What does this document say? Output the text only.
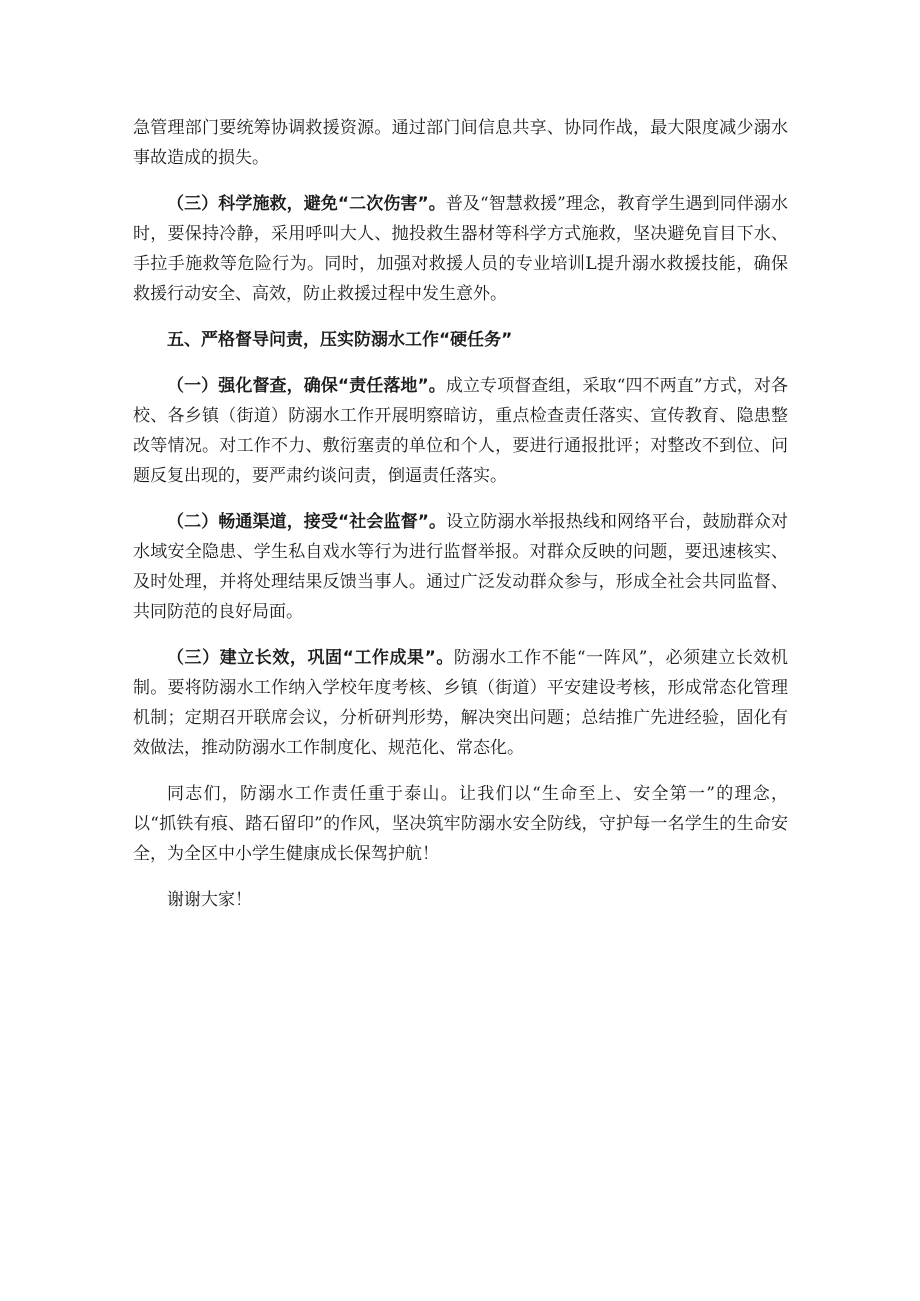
急管理部门要统筹协调救援资源。通过部门间信息共享、协同作战，最大限度减少溺水事故造成的损失。

（三）科学施救，避免“二次伤害”。普及“智慧救援”理念，教育学生遇到同伴溺水时，要保持冷静，采用呼叫大人、抛投救生器材等科学方式施救，坚决避免盲目下水、手拉手施救等危险行为。同时，加强对救援人员的专业培训L提升溺水救援技能，确保救援行动安全、高效，防止救援过程中发生意外。

五、严格督导问责，压实防溺水工作“硬任务”

（一）强化督查，确保“责任落地”。成立专项督查组，采取“四不两直”方式，对各校、各乡镇（街道）防溺水工作开展明察暗访，重点检查责任落实、宣传教育、隐患整改等情况。对工作不力、敷衍塞责的单位和个人，要进行通报批评；对整改不到位、问题反复出现的，要严肃约谈问责，倒逼责任落实。

（二）畅通渠道，接受“社会监督”。设立防溺水举报热线和网络平台，鼓励群众对水域安全隐患、学生私自戏水等行为进行监督举报。对群众反映的问题，要迅速核实、及时处理，并将处理结果反馈当事人。通过广泛发动群众参与，形成全社会共同监督、共同防范的良好局面。

（三）建立长效，巩固“工作成果”。防溺水工作不能“一阵风”，必须建立长效机制。要将防溺水工作纳入学校年度考核、乡镇（街道）平安建设考核，形成常态化管理机制；定期召开联席会议，分析研判形势，解决突出问题；总结推广先进经验，固化有效做法，推动防溺水工作制度化、规范化、常态化。

同志们，防溺水工作责任重于泰山。让我们以“生命至上、安全第一”的理念，以“抓铁有痕、踏石留印”的作风，坚决筑牢防溺水安全防线，守护每一名学生的生命安全，为全区中小学生健康成长保驾护航！

谢谢大家！
